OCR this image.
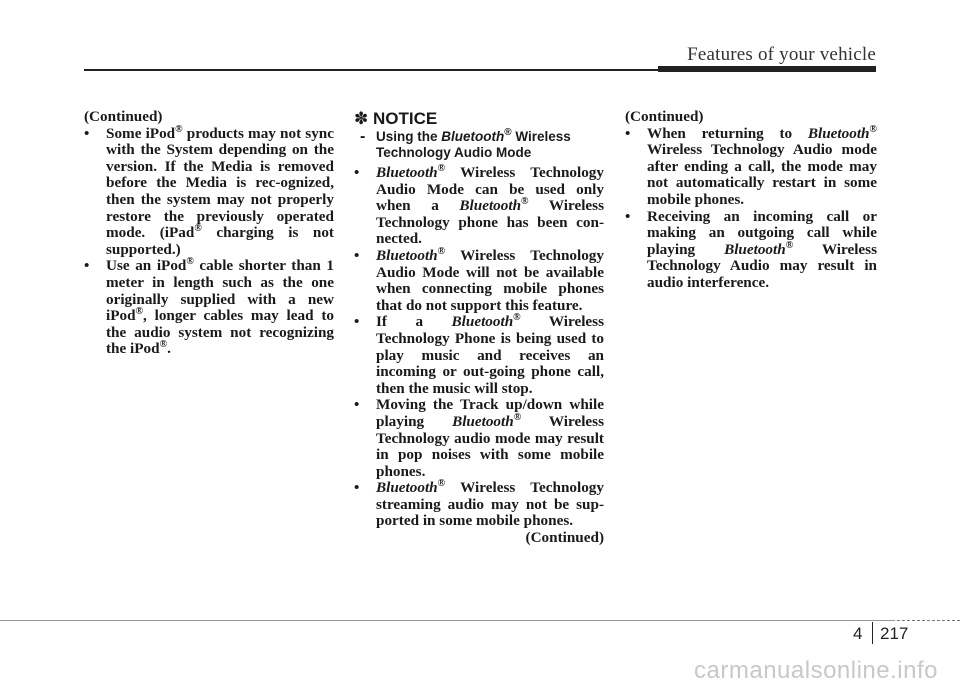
Features of your vehicle

(Continued)

• Some iPod® products may not sync with the System depending on the version. If the Media is removed before the Media is rec-ognized, then the system may not properly restore the previously operated mode. (iPad® charging is not supported.)

• Use an iPod® cable shorter than 1 meter in length such as the one originally supplied with a new iPod®, longer cables may lead to the audio system not recognizing the iPod®.

✽ NOTICE

- Using the Bluetooth® Wireless Technology Audio Mode

• Bluetooth® Wireless Technology Audio Mode can be used only when a Bluetooth® Wireless Technology phone has been con-nected.

• Bluetooth® Wireless Technology Audio Mode will not be available when connecting mobile phones that do not support this feature.

• If a Bluetooth® Wireless Technology Phone is being used to play music and receives an incoming or out-going phone call, then the music will stop.

• Moving the Track up/down while playing Bluetooth® Wireless Technology audio mode may result in pop noises with some mobile phones.

• Bluetooth® Wireless Technology streaming audio may not be sup-ported in some mobile phones.

(Continued)

(Continued)

• When returning to Bluetooth® Wireless Technology Audio mode after ending a call, the mode may not automatically restart in some mobile phones.

• Receiving an incoming call or making an outgoing call while playing Bluetooth® Wireless Technology Audio may result in audio interference.

4 217
carmanualsonline.info
